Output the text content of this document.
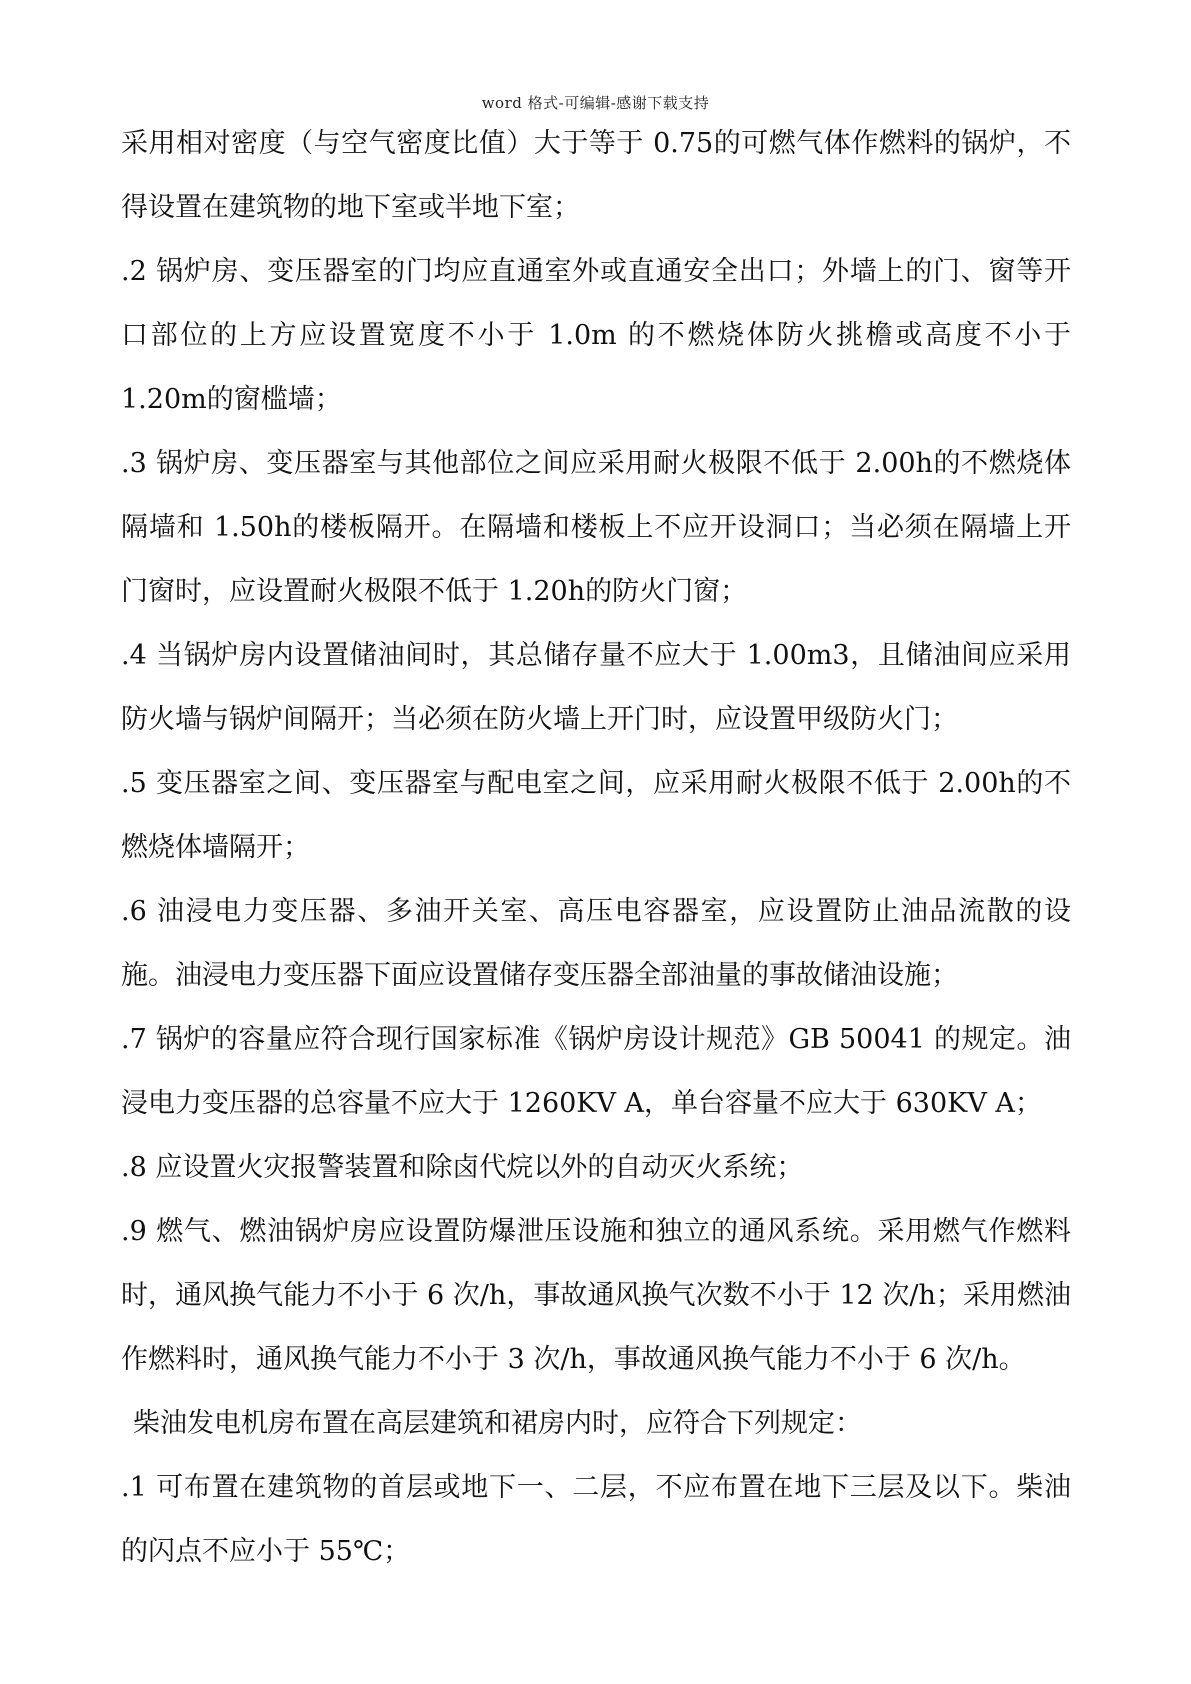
word 格式-可编辑-感谢下载支持

采用相对密度（与空气密度比值）大于等于 0.75的可燃气体作燃料的锅炉，不得设置在建筑物的地下室或半地下室；

.2 锅炉房、变压器室的门均应直通室外或直通安全出口；外墙上的门、窗等开口部位的上方应设置宽度不小于 1.0m 的不燃烧体防火挑檐或高度不小于1.20m的窗槛墙；

.3 锅炉房、变压器室与其他部位之间应采用耐火极限不低于 2.00h的不燃烧体隔墙和 1.50h的楼板隔开。在隔墙和楼板上不应开设洞口；当必须在隔墙上开门窗时，应设置耐火极限不低于 1.20h的防火门窗；

.4 当锅炉房内设置储油间时，其总储存量不应大于 1.00m3，且储油间应采用防火墙与锅炉间隔开；当必须在防火墙上开门时，应设置甲级防火门；

.5 变压器室之间、变压器室与配电室之间，应采用耐火极限不低于 2.00h的不燃烧体墙隔开；

.6 油浸电力变压器、多油开关室、高压电容器室，应设置防止油品流散的设施。油浸电力变压器下面应设置储存变压器全部油量的事故储油设施；

.7 锅炉的容量应符合现行国家标准《锅炉房设计规范》GB 50041 的规定。油浸电力变压器的总容量不应大于 1260KV A，单台容量不应大于 630KV A；

.8 应设置火灾报警装置和除卤代烷以外的自动灭火系统；

.9 燃气、燃油锅炉房应设置防爆泄压设施和独立的通风系统。采用燃气作燃料时，通风换气能力不小于 6 次/h，事故通风换气次数不小于 12 次/h；采用燃油作燃料时，通风换气能力不小于 3 次/h，事故通风换气能力不小于 6 次/h。

柴油发电机房布置在高层建筑和裙房内时，应符合下列规定：

.1 可布置在建筑物的首层或地下一、二层，不应布置在地下三层及以下。柴油的闪点不应小于 55℃；
